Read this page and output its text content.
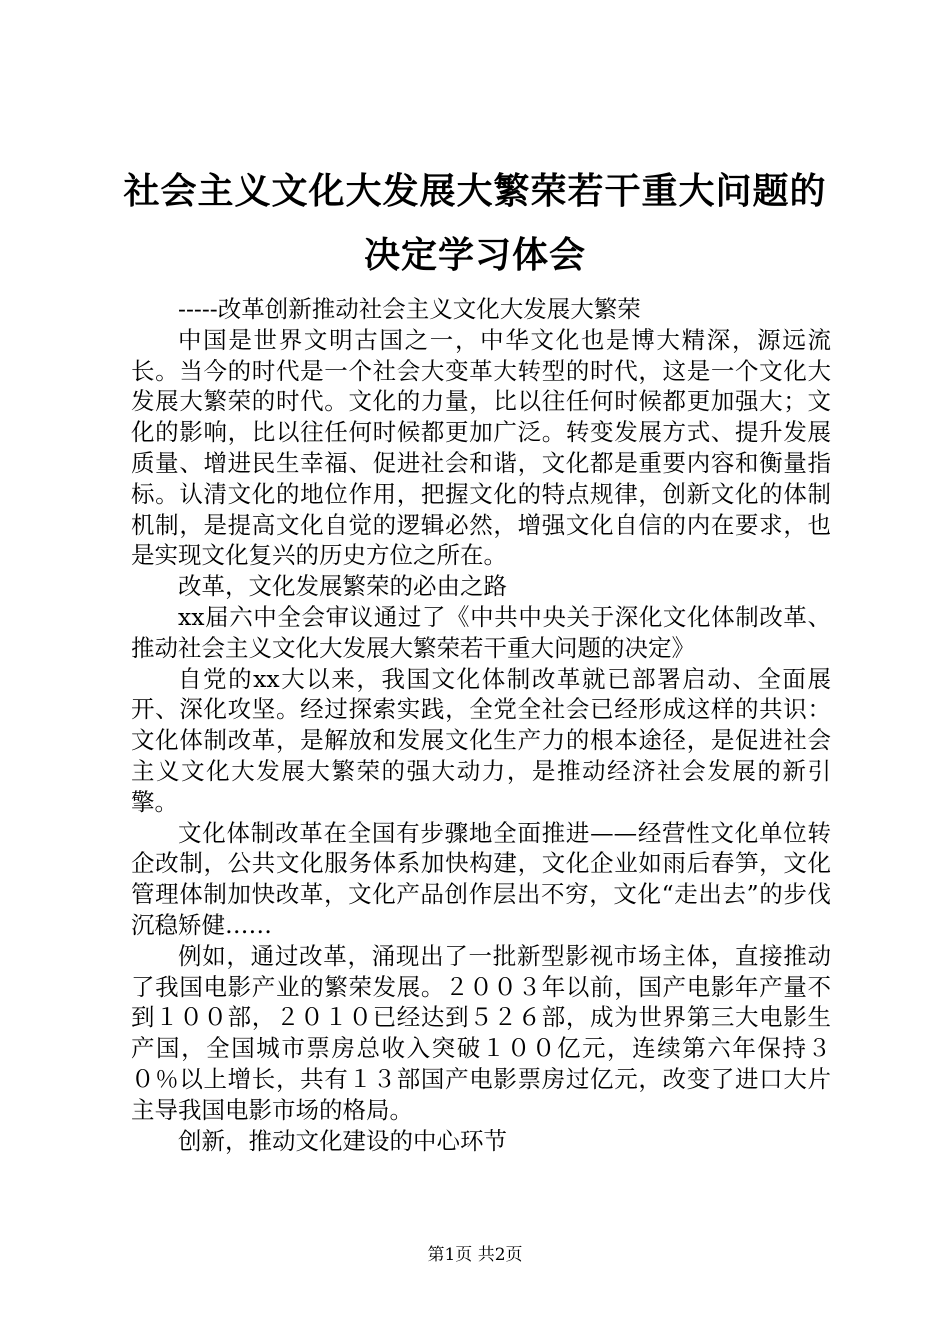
社会主义文化大发展大繁荣若干重大问题的决定学习体会

-----改革创新推动社会主义文化大发展大繁荣

中国是世界文明古国之一，中华文化也是博大精深，源远流长。当今的时代是一个社会大变革大转型的时代，这是一个文化大发展大繁荣的时代。文化的力量，比以往任何时候都更加强大；文化的影响，比以往任何时候都更加广泛。转变发展方式、提升发展质量、增进民生幸福、促进社会和谐，文化都是重要内容和衡量指标。认清文化的地位作用，把握文化的特点规律，创新文化的体制机制，是提高文化自觉的逻辑必然，增强文化自信的内在要求，也是实现文化复兴的历史方位之所在。

改革，文化发展繁荣的必由之路

xx届六中全会审议通过了《中共中央关于深化文化体制改革、推动社会主义文化大发展大繁荣若干重大问题的决定》

自党的xx大以来，我国文化体制改革就已部署启动、全面展开、深化攻坚。经过探索实践，全党全社会已经形成这样的共识：文化体制改革，是解放和发展文化生产力的根本途径，是促进社会主义文化大发展大繁荣的强大动力，是推动经济社会发展的新引擎。

文化体制改革在全国有步骤地全面推进——经营性文化单位转企改制，公共文化服务体系加快构建，文化企业如雨后春笋，文化管理体制加快改革，文化产品创作层出不穷，文化“走出去”的步伐沉稳矫健……

例如，通过改革，涌现出了一批新型影视市场主体，直接推动了我国电影产业的繁荣发展。２００３年以前，国产电影年产量不到１００部，２０１０已经达到５２６部，成为世界第三大电影生产国，全国城市票房总收入突破１００亿元，连续第六年保持３０％以上增长，共有１３部国产电影票房过亿元，改变了进口大片主导我国电影市场的格局。

创新，推动文化建设的中心环节

第1页 共2页
